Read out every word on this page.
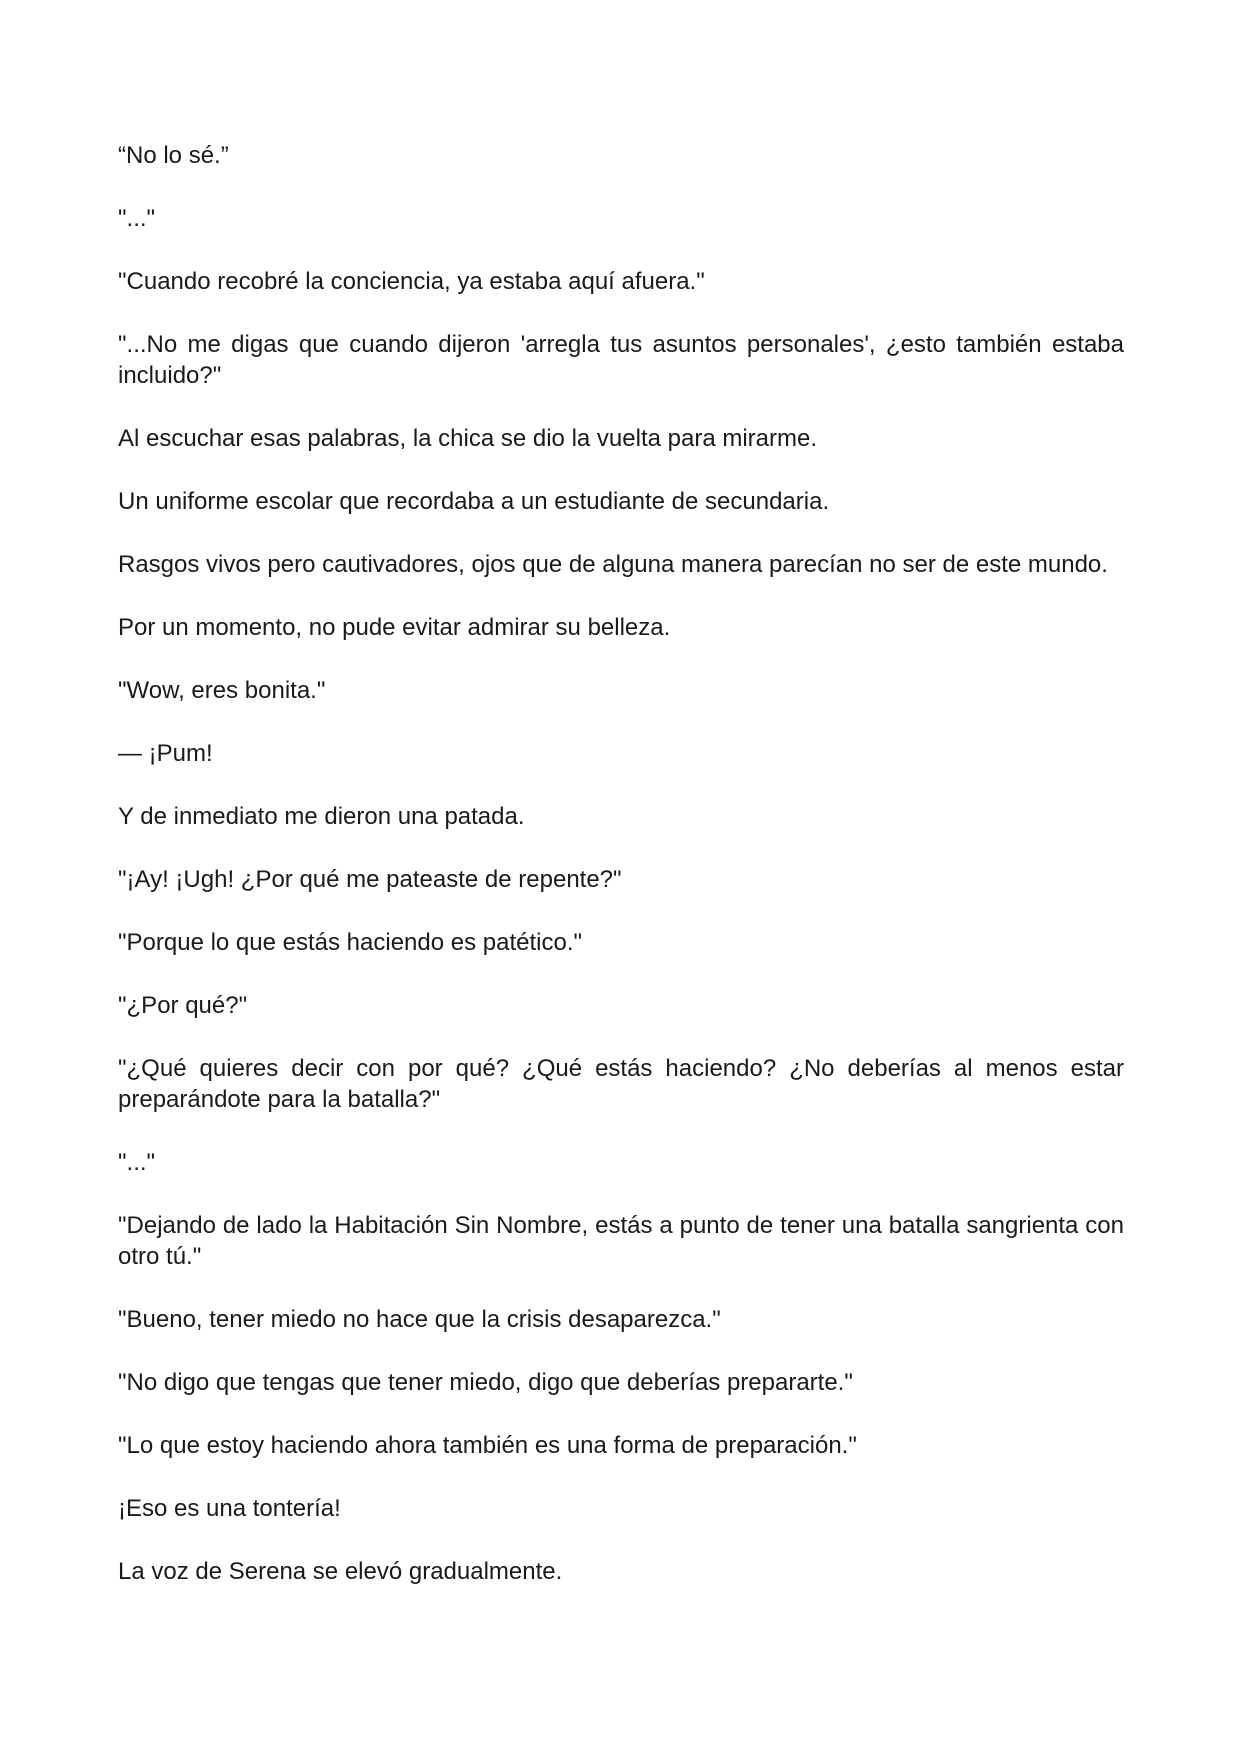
“No lo sé.”

"..."

"Cuando recobré la conciencia, ya estaba aquí afuera."

"...No me digas que cuando dijeron 'arregla tus asuntos personales', ¿esto también estaba incluido?"

Al escuchar esas palabras, la chica se dio la vuelta para mirarme.

Un uniforme escolar que recordaba a un estudiante de secundaria.

Rasgos vivos pero cautivadores, ojos que de alguna manera parecían no ser de este mundo.

Por un momento, no pude evitar admirar su belleza.

"Wow, eres bonita."

— ¡Pum!

Y de inmediato me dieron una patada.

"¡Ay! ¡Ugh! ¿Por qué me pateaste de repente?"

"Porque lo que estás haciendo es patético."

"¿Por qué?"

"¿Qué quieres decir con por qué? ¿Qué estás haciendo? ¿No deberías al menos estar preparándote para la batalla?"

"..."

"Dejando de lado la Habitación Sin Nombre, estás a punto de tener una batalla sangrienta con otro tú."

"Bueno, tener miedo no hace que la crisis desaparezca."

"No digo que tengas que tener miedo, digo que deberías prepararte."

"Lo que estoy haciendo ahora también es una forma de preparación."

¡Eso es una tontería!

La voz de Serena se elevó gradualmente.
